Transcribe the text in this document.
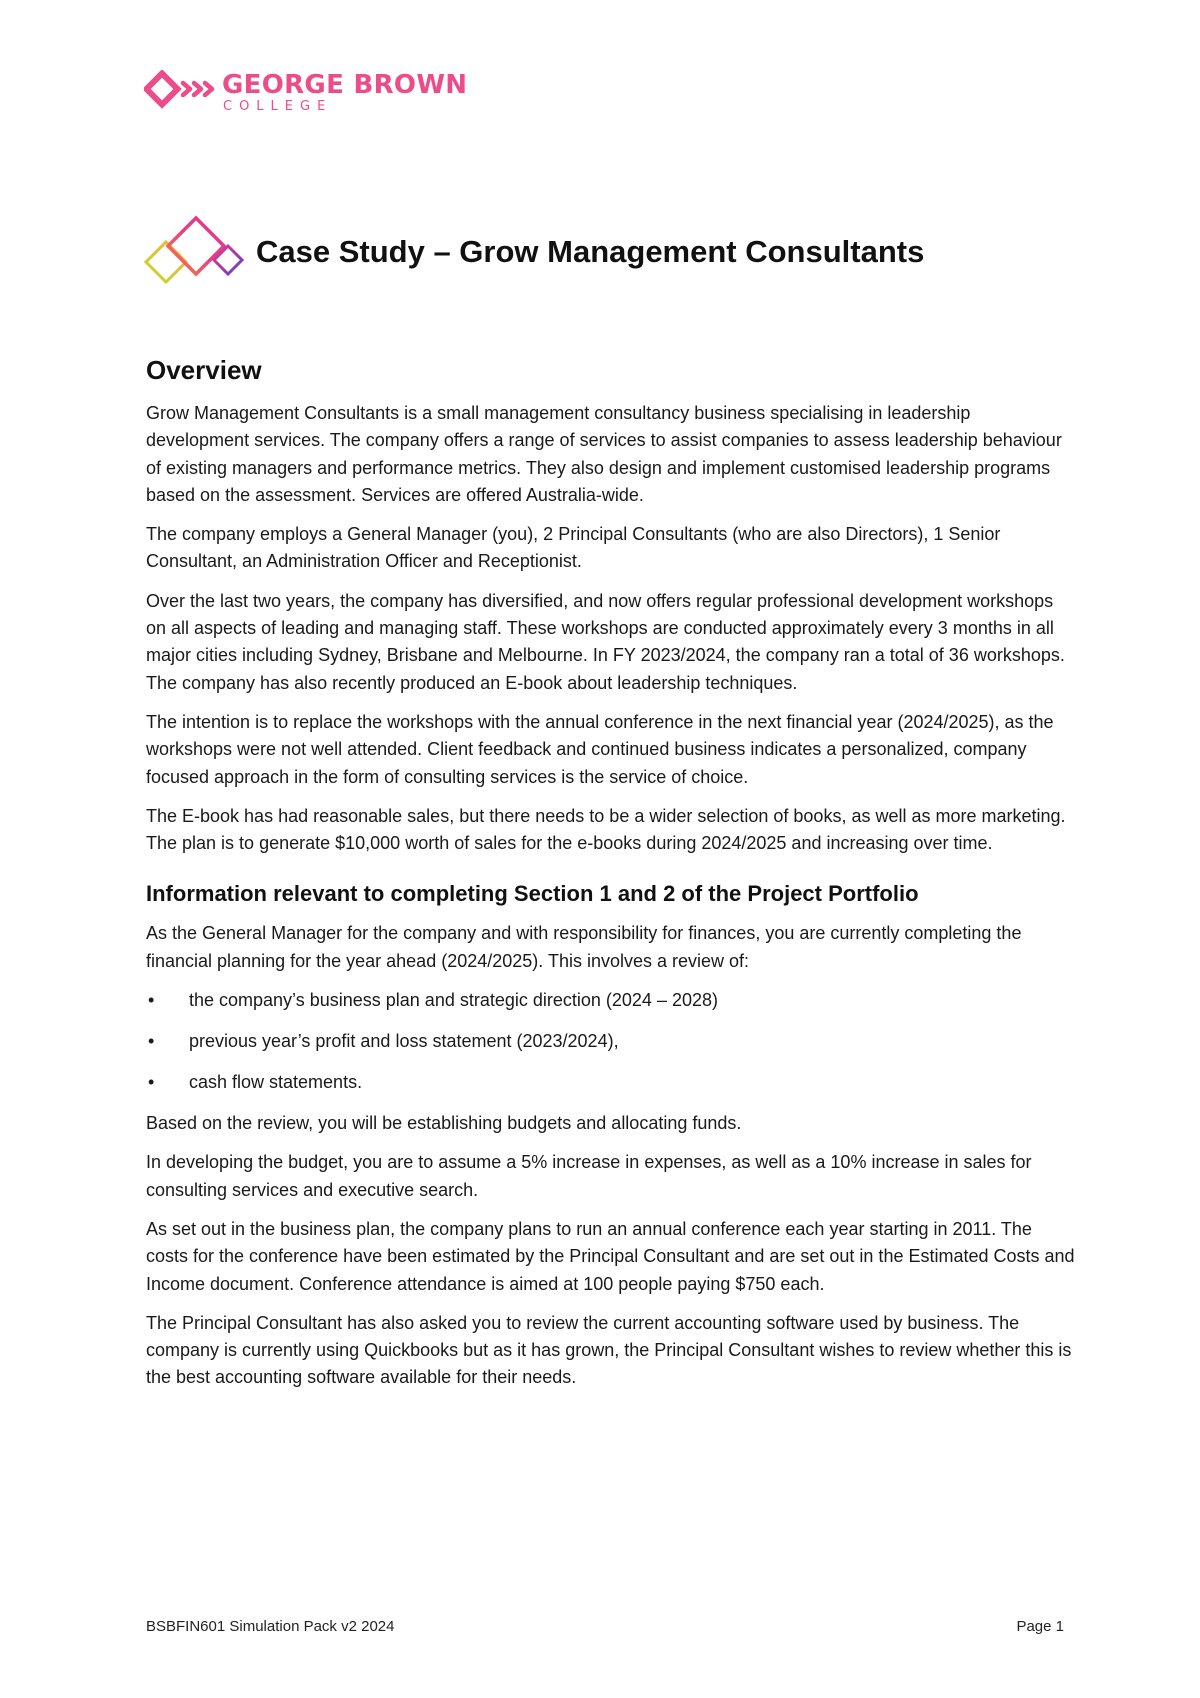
GEORGE BROWN
COLLEGE
Case Study – Grow Management Consultants
Overview

Grow Management Consultants is a small management consultancy business specialising in leadership development services. The company offers a range of services to assist companies to assess leadership behaviour of existing managers and performance metrics. They also design and implement customised leadership programs based on the assessment. Services are offered Australia-wide.

The company employs a General Manager (you), 2 Principal Consultants (who are also Directors), 1 Senior Consultant, an Administration Officer and Receptionist.

Over the last two years, the company has diversified, and now offers regular professional development workshops on all aspects of leading and managing staff. These workshops are conducted approximately every 3 months in all major cities including Sydney, Brisbane and Melbourne. In FY 2023/2024, the company ran a total of 36 workshops. The company has also recently produced an E-book about leadership techniques.

The intention is to replace the workshops with the annual conference in the next financial year (2024/2025), as the workshops were not well attended. Client feedback and continued business indicates a personalized, company focused approach in the form of consulting services is the service of choice.

The E-book has had reasonable sales, but there needs to be a wider selection of books, as well as more marketing. The plan is to generate $10,000 worth of sales for the e-books during 2024/2025 and increasing over time.

Information relevant to completing Section 1 and 2 of the Project Portfolio

As the General Manager for the company and with responsibility for finances, you are currently completing the financial planning for the year ahead (2024/2025). This involves a review of:

• the company’s business plan and strategic direction (2024 – 2028)
• previous year’s profit and loss statement (2023/2024),
• cash flow statements.

Based on the review, you will be establishing budgets and allocating funds.

In developing the budget, you are to assume a 5% increase in expenses, as well as a 10% increase in sales for consulting services and executive search.

As set out in the business plan, the company plans to run an annual conference each year starting in 2011. The costs for the conference have been estimated by the Principal Consultant and are set out in the Estimated Costs and Income document. Conference attendance is aimed at 100 people paying $750 each.

The Principal Consultant has also asked you to review the current accounting software used by business. The company is currently using Quickbooks but as it has grown, the Principal Consultant wishes to review whether this is the best accounting software available for their needs.

BSBFIN601 Simulation Pack v2 2024	Page 1
